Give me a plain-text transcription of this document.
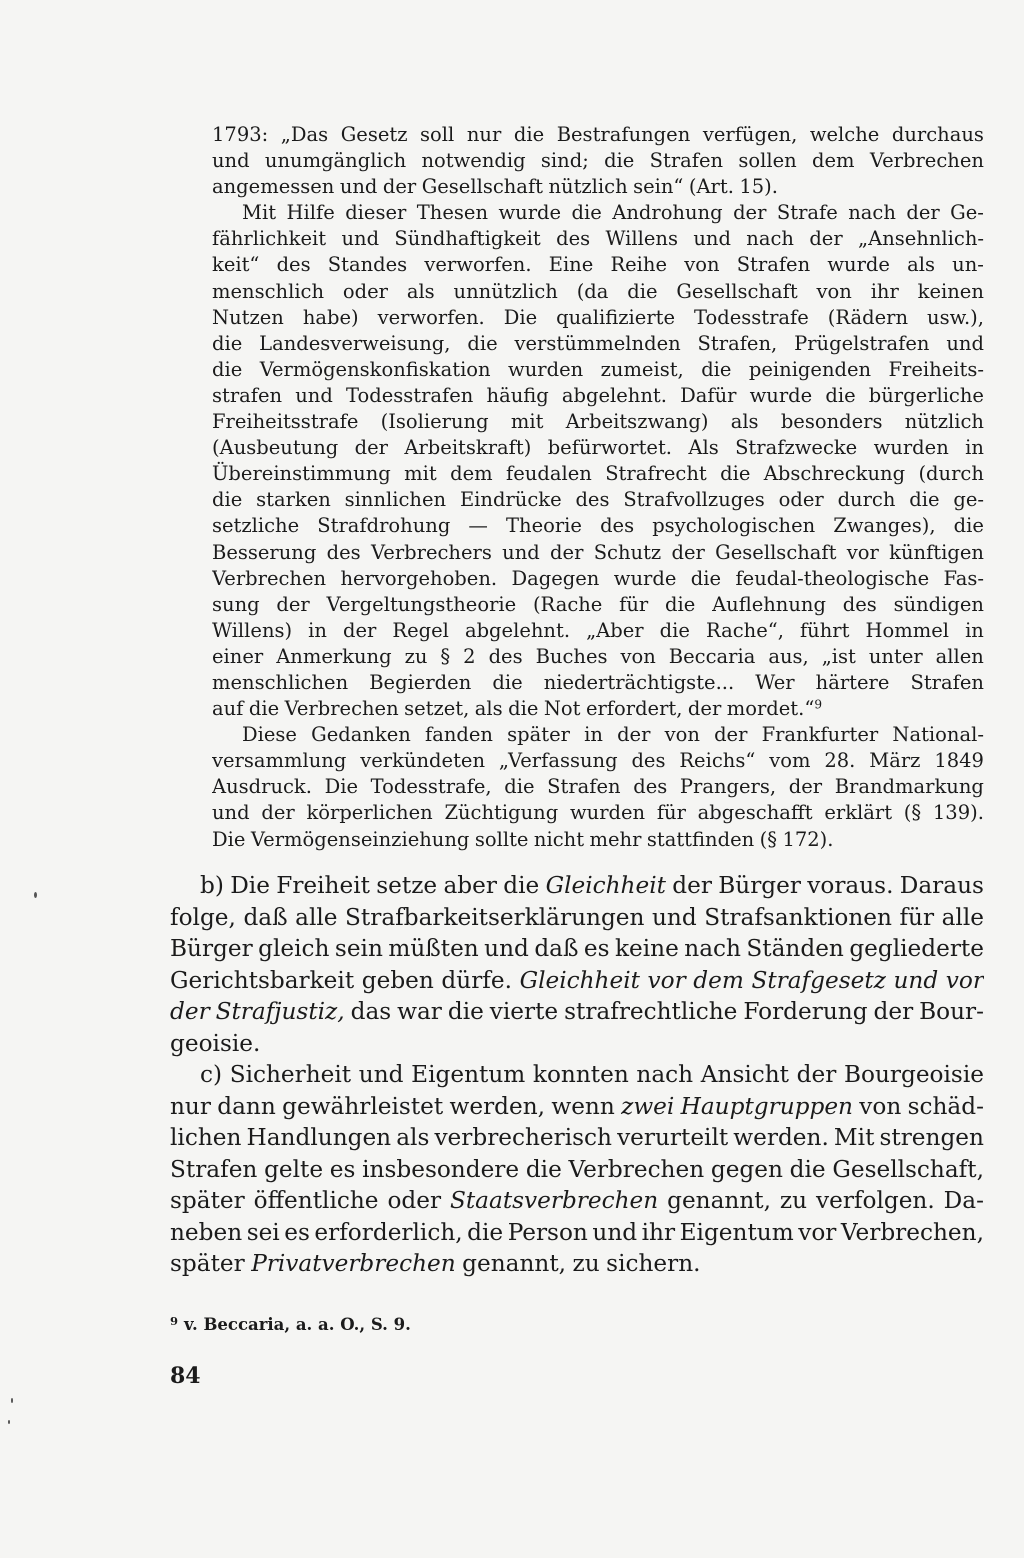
1793: „Das Gesetz soll nur die Bestrafungen verfügen, welche durchaus
und unumgänglich notwendig sind; die Strafen sollen dem Verbrechen
angemessen und der Gesellschaft nützlich sein“ (Art. 15).
Mit Hilfe dieser Thesen wurde die Androhung der Strafe nach der Ge-
fährlichkeit und Sündhaftigkeit des Willens und nach der „Ansehnlich-
keit“ des Standes verworfen. Eine Reihe von Strafen wurde als un-
menschlich oder als unnützlich (da die Gesellschaft von ihr keinen
Nutzen habe) verworfen. Die qualifizierte Todesstrafe (Rädern usw.),
die Landesverweisung, die verstümmelnden Strafen, Prügelstrafen und
die Vermögenskonfiskation wurden zumeist, die peinigenden Freiheits-
strafen und Todesstrafen häufig abgelehnt. Dafür wurde die bürgerliche
Freiheitsstrafe (Isolierung mit Arbeitszwang) als besonders nützlich
(Ausbeutung der Arbeitskraft) befürwortet. Als Strafzwecke wurden in
Übereinstimmung mit dem feudalen Strafrecht die Abschreckung (durch
die starken sinnlichen Eindrücke des Strafvollzuges oder durch die ge-
setzliche Strafdrohung — Theorie des psychologischen Zwanges), die
Besserung des Verbrechers und der Schutz der Gesellschaft vor künftigen
Verbrechen hervorgehoben. Dagegen wurde die feudal-theologische Fas-
sung der Vergeltungstheorie (Rache für die Auflehnung des sündigen
Willens) in der Regel abgelehnt. „Aber die Rache“, führt Hommel in
einer Anmerkung zu § 2 des Buches von Beccaria aus, „ist unter allen
menschlichen Begierden die niederträchtigste... Wer härtere Strafen
auf die Verbrechen setzet, als die Not erfordert, der mordet.“$^9$
Diese Gedanken fanden später in der von der Frankfurter National-
versammlung verkündeten „Verfassung des Reichs“ vom 28. März 1849
Ausdruck. Die Todesstrafe, die Strafen des Prangers, der Brandmarkung
und der körperlichen Züchtigung wurden für abgeschafft erklärt (§ 139).
Die Vermögenseinziehung sollte nicht mehr stattfinden (§ 172).
b) Die Freiheit setze aber die Gleichheit der Bürger voraus. Daraus
folge, daß alle Strafbarkeitserklärungen und Strafsanktionen für alle
Bürger gleich sein müßten und daß es keine nach Ständen gegliederte
Gerichtsbarkeit geben dürfe. Gleichheit vor dem Strafgesetz und vor
der Strafjustiz, das war die vierte strafrechtliche Forderung der Bour-
geoisie.
c) Sicherheit und Eigentum konnten nach Ansicht der Bourgeoisie
nur dann gewährleistet werden, wenn zwei Hauptgruppen von schäd-
lichen Handlungen als verbrecherisch verurteilt werden. Mit strengen
Strafen gelte es insbesondere die Verbrechen gegen die Gesellschaft,
später öffentliche oder Staatsverbrechen genannt, zu verfolgen. Da-
neben sei es erforderlich, die Person und ihr Eigentum vor Verbrechen,
später Privatverbrechen genannt, zu sichern.
9 v. Beccaria, a. a. O., S. 9.
84
